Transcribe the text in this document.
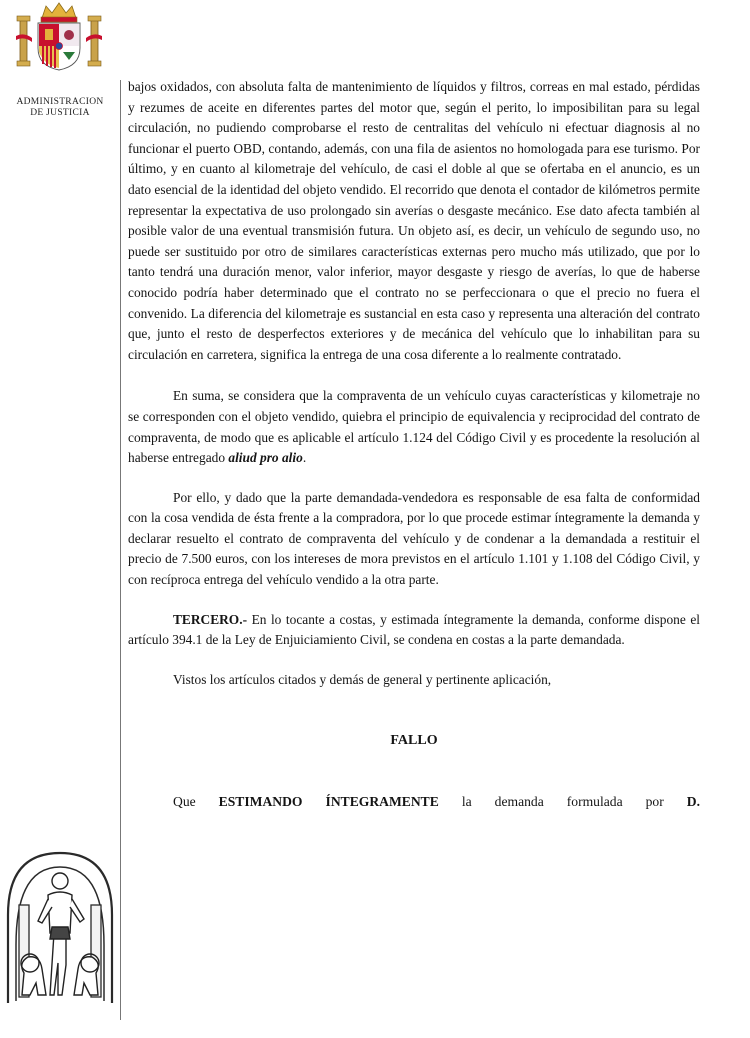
ADMINISTRACION
DE JUSTICIA

bajos oxidados, con absoluta falta de mantenimiento de líquidos y filtros, correas en mal estado, pérdidas y rezumes de aceite en diferentes partes del motor que, según el perito, lo imposibilitan para su legal circulación, no pudiendo comprobarse el resto de centralitas del vehículo ni efectuar diagnosis al no funcionar el puerto OBD, contando, además, con una fila de asientos no homologada para ese turismo. Por último, y en cuanto al kilometraje del vehículo, de casi el doble al que se ofertaba en el anuncio, es un dato esencial de la identidad del objeto vendido. El recorrido que denota el contador de kilómetros permite representar la expectativa de uso prolongado sin averías o desgaste mecánico. Ese dato afecta también al posible valor de una eventual transmisión futura. Un objeto así, es decir, un vehículo de segundo uso, no puede ser sustituido por otro de similares características externas pero mucho más utilizado, que por lo tanto tendrá una duración menor, valor inferior, mayor desgaste y riesgo de averías, lo que de haberse conocido podría haber determinado que el contrato no se perfeccionara o que el precio no fuera el convenido. La diferencia del kilometraje es sustancial en esta caso y representa una alteración del contrato que, junto el resto de desperfectos exteriores y de mecánica del vehículo que lo inhabilitan para su circulación en carretera, significa la entrega de una cosa diferente a lo realmente contratado.

En suma, se considera que la compraventa de un vehículo cuyas características y kilometraje no se corresponden con el objeto vendido, quiebra el principio de equivalencia y reciprocidad del contrato de compraventa, de modo que es aplicable el artículo 1.124 del Código Civil y es procedente la resolución al haberse entregado aliud pro alio.

Por ello, y dado que la parte demandada-vendedora es responsable de esa falta de conformidad con la cosa vendida de ésta frente a la compradora, por lo que procede estimar íntegramente la demanda y declarar resuelto el contrato de compraventa del vehículo y de condenar a la demandada a restituir el precio de 7.500 euros, con los intereses de mora previstos en el artículo 1.101 y 1.108 del Código Civil, y con recíproca entrega del vehículo vendido a la otra parte.

TERCERO.- En lo tocante a costas, y estimada íntegramente la demanda, conforme dispone el artículo 394.1 de la Ley de Enjuiciamiento Civil, se condena en costas a la parte demandada.

Vistos los artículos citados y demás de general y pertinente aplicación,

FALLO

Que ESTIMANDO ÍNTEGRAMENTE la demanda formulada por D.
